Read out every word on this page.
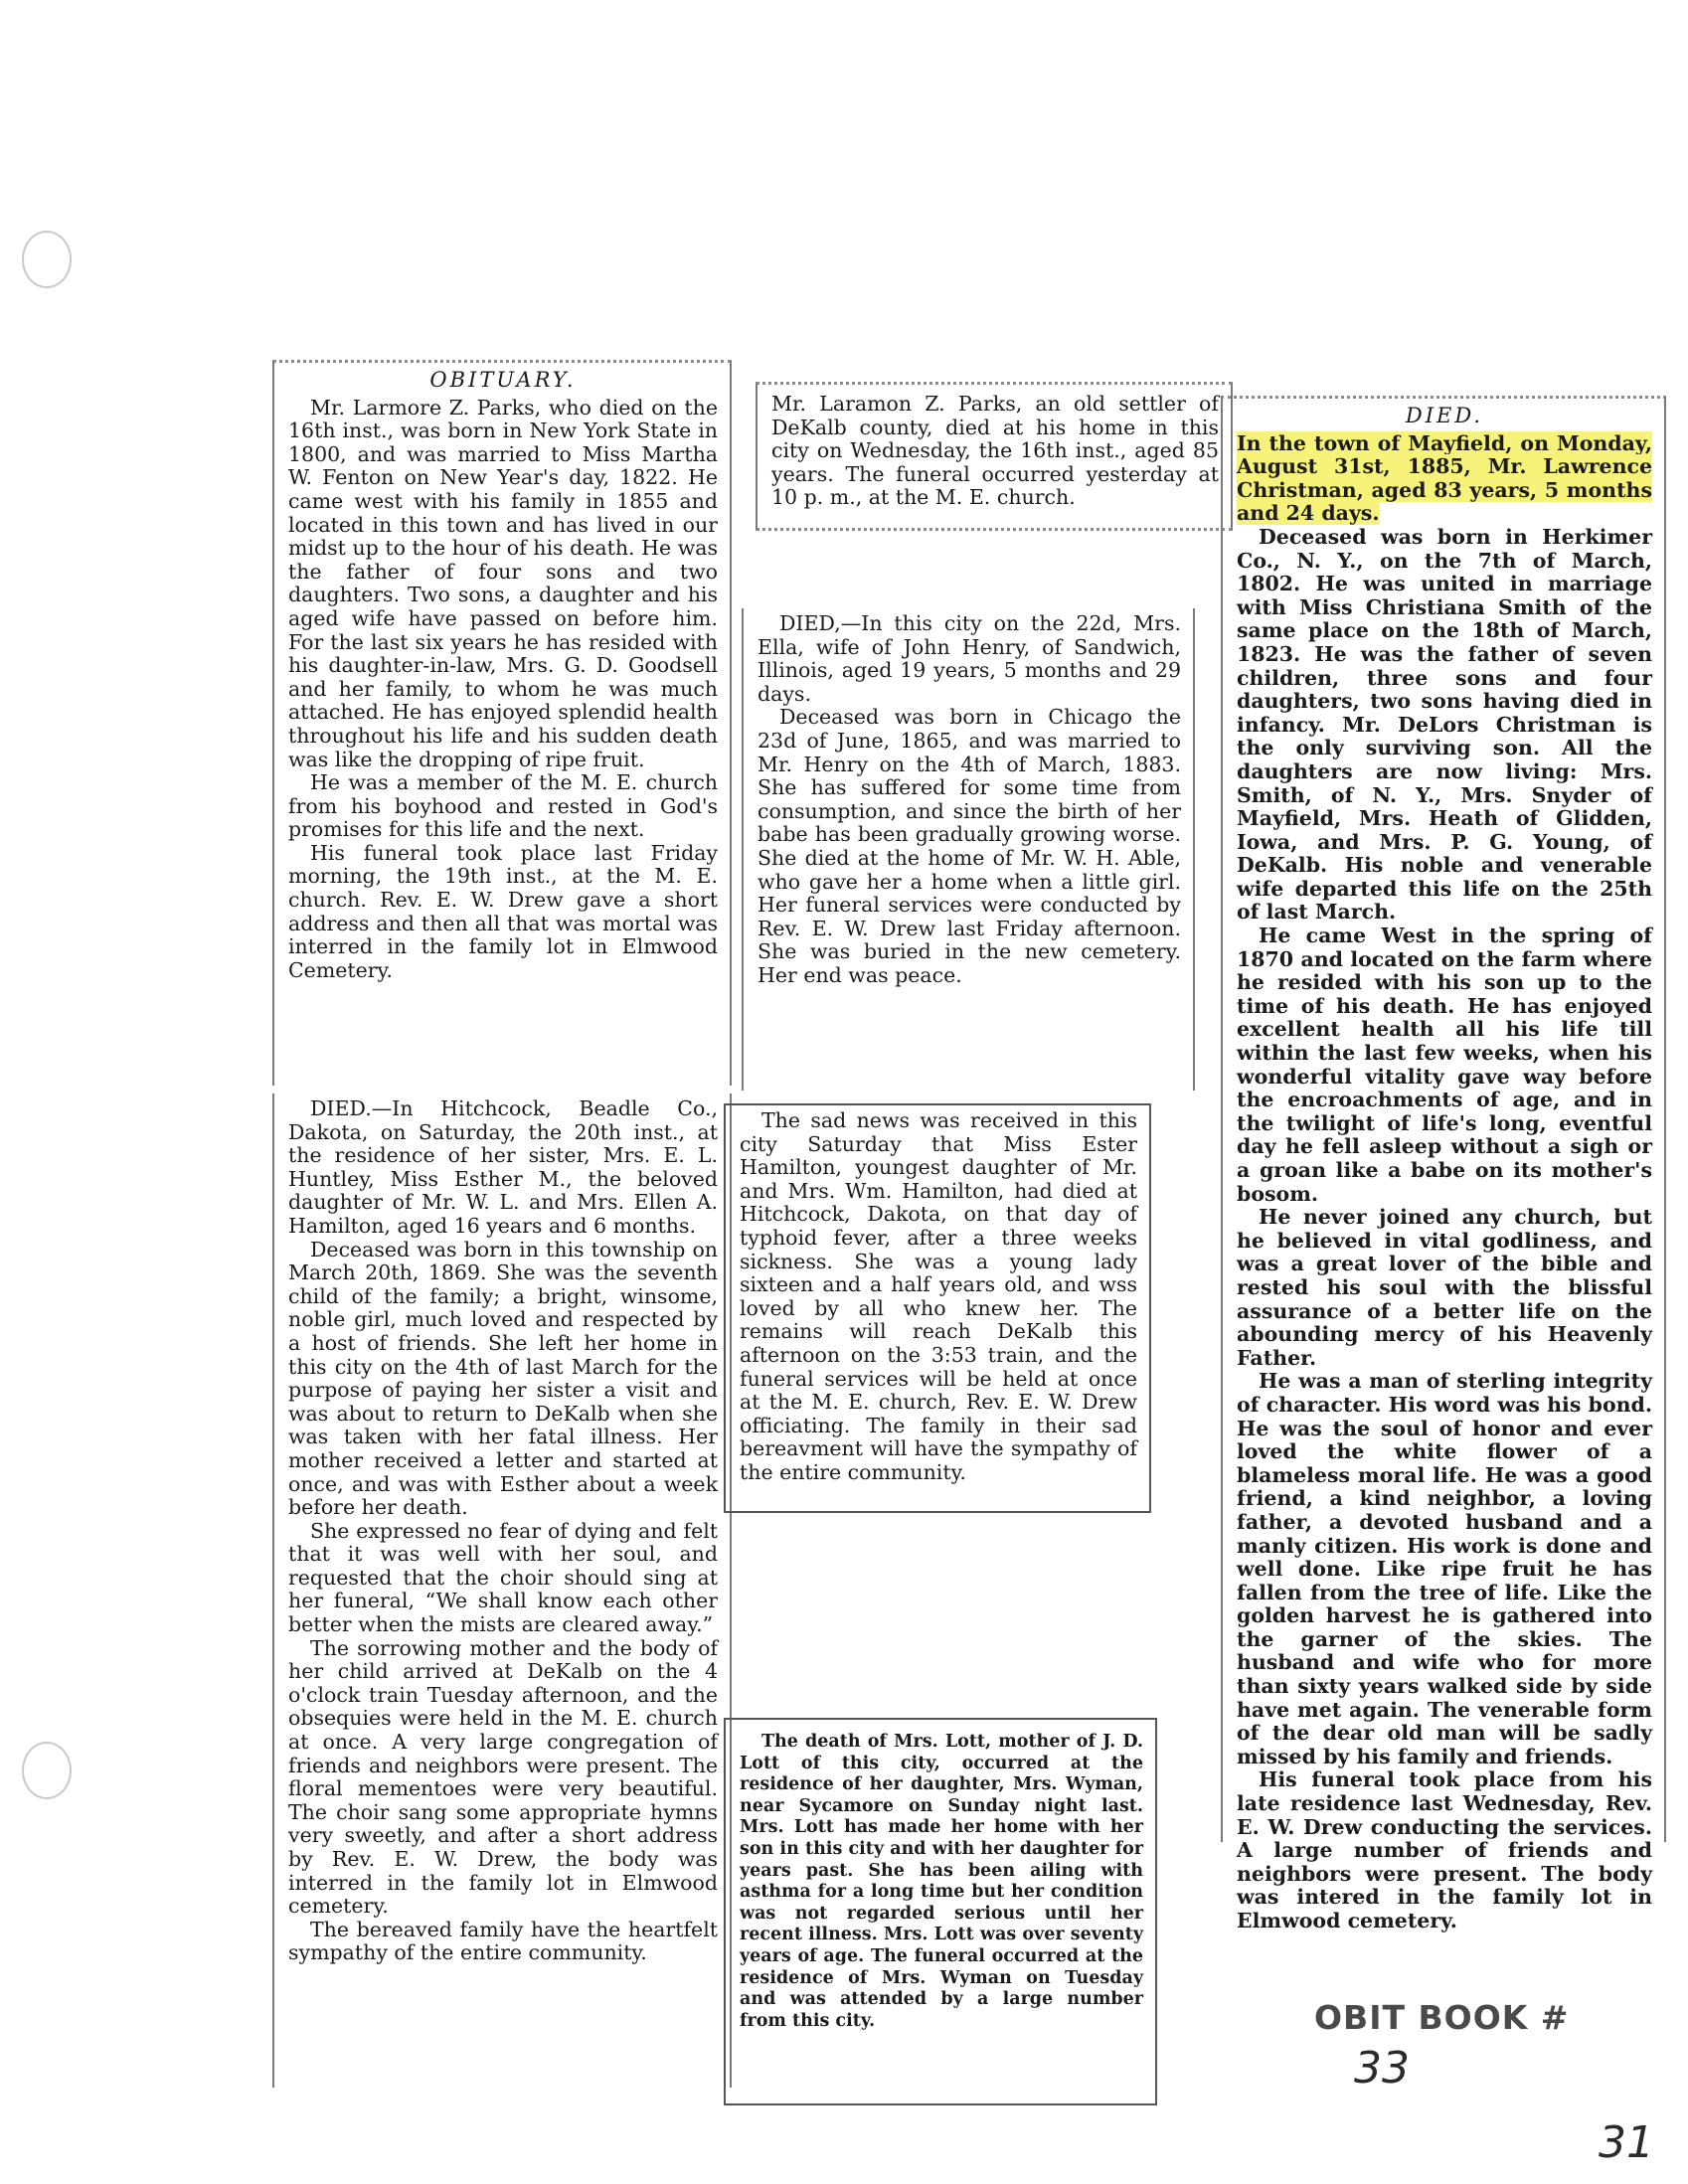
OBITUARY.

Mr. Larmore Z. Parks, who died on the 16th inst., was born in New York State in 1800, and was married to Miss Martha W. Fenton on New Year's day, 1822. He came west with his family in 1855 and located in this town and has lived in our midst up to the hour of his death. He was the father of four sons and two daughters. Two sons, a daughter and his aged wife have passed on before him. For the last six years he has resided with his daughter-in-law, Mrs. G. D. Goodsell and her family, to whom he was much attached. He has enjoyed splendid health throughout his life and his sudden death was like the dropping of ripe fruit.

He was a member of the M. E. church from his boyhood and rested in God's promises for this life and the next.

His funeral took place last Friday morning, the 19th inst., at the M. E. church. Rev. E. W. Drew gave a short address and then all that was mortal was interred in the family lot in Elmwood Cemetery.

DIED.—In Hitchcock, Beadle Co., Dakota, on Saturday, the 20th inst., at the residence of her sister, Mrs. E. L. Huntley, Miss Esther M., the beloved daughter of Mr. W. L. and Mrs. Ellen A. Hamilton, aged 16 years and 6 months.

Deceased was born in this township on March 20th, 1869. She was the seventh child of the family; a bright, winsome, noble girl, much loved and respected by a host of friends. She left her home in this city on the 4th of last March for the purpose of paying her sister a visit and was about to return to DeKalb when she was taken with her fatal illness. Her mother received a letter and started at once, and was with Esther about a week before her death.

She expressed no fear of dying and felt that it was well with her soul, and requested that the choir should sing at her funeral, “We shall know each other better when the mists are cleared away.”

The sorrowing mother and the body of her child arrived at DeKalb on the 4 o'clock train Tuesday afternoon, and the obsequies were held in the M. E. church at once. A very large congregation of friends and neighbors were present. The floral mementoes were very beautiful. The choir sang some appropriate hymns very sweetly, and after a short address by Rev. E. W. Drew, the body was interred in the family lot in Elmwood cemetery.

The bereaved family have the heartfelt sympathy of the entire community.

Mr. Laramon Z. Parks, an old settler of DeKalb county, died at his home in this city on Wednesday, the 16th inst., aged 85 years. The funeral occurred yesterday at 10 p. m., at the M. E. church.

DIED,—In this city on the 22d, Mrs. Ella, wife of John Henry, of Sandwich, Illinois, aged 19 years, 5 months and 29 days.

Deceased was born in Chicago the 23d of June, 1865, and was married to Mr. Henry on the 4th of March, 1883. She has suffered for some time from consumption, and since the birth of her babe has been gradually growing worse. She died at the home of Mr. W. H. Able, who gave her a home when a little girl. Her funeral services were conducted by Rev. E. W. Drew last Friday afternoon. She was buried in the new cemetery. Her end was peace.

The sad news was received in this city Saturday that Miss Ester Hamilton, youngest daughter of Mr. and Mrs. Wm. Hamilton, had died at Hitchcock, Dakota, on that day of typhoid fever, after a three weeks sickness. She was a young lady sixteen and a half years old, and wss loved by all who knew her. The remains will reach DeKalb this afternoon on the 3:53 train, and the funeral services will be held at once at the M. E. church, Rev. E. W. Drew officiating. The family in their sad bereavment will have the sympathy of the entire community.

The death of Mrs. Lott, mother of J. D. Lott of this city, occurred at the residence of her daughter, Mrs. Wyman, near Sycamore on Sunday night last. Mrs. Lott has made her home with her son in this city and with her daughter for years past. She has been ailing with asthma for a long time but her condition was not regarded serious until her recent illness. Mrs. Lott was over seventy years of age. The funeral occurred at the residence of Mrs. Wyman on Tuesday and was attended by a large number from this city.

DIED.

In the town of Mayfield, on Monday, August 31st, 1885, Mr. Lawrence Christman, aged 83 years, 5 months and 24 days.

Deceased was born in Herkimer Co., N. Y., on the 7th of March, 1802. He was united in marriage with Miss Christiana Smith of the same place on the 18th of March, 1823. He was the father of seven children, three sons and four daughters, two sons having died in infancy. Mr. DeLors Christman is the only surviving son. All the daughters are now living: Mrs. Smith, of N. Y., Mrs. Snyder of Mayfield, Mrs. Heath of Glidden, Iowa, and Mrs. P. G. Young, of DeKalb. His noble and venerable wife departed this life on the 25th of last March.

He came West in the spring of 1870 and located on the farm where he resided with his son up to the time of his death. He has enjoyed excellent health all his life till within the last few weeks, when his wonderful vitality gave way before the encroachments of age, and in the twilight of life's long, eventful day he fell asleep without a sigh or a groan like a babe on its mother's bosom.

He never joined any church, but he believed in vital godliness, and was a great lover of the bible and rested his soul with the blissful assurance of a better life on the abounding mercy of his Heavenly Father.

He was a man of sterling integrity of character. His word was his bond. He was the soul of honor and ever loved the white flower of a blameless moral life. He was a good friend, a kind neighbor, a loving father, a devoted husband and a manly citizen. His work is done and well done. Like ripe fruit he has fallen from the tree of life. Like the golden harvest he is gathered into the garner of the skies. The husband and wife who for more than sixty years walked side by side have met again. The venerable form of the dear old man will be sadly missed by his family and friends.

His funeral took place from his late residence last Wednesday, Rev. E. W. Drew conducting the services. A large number of friends and neighbors were present. The body was intered in the family lot in Elmwood cemetery.

OBIT BOOK #
33
31
